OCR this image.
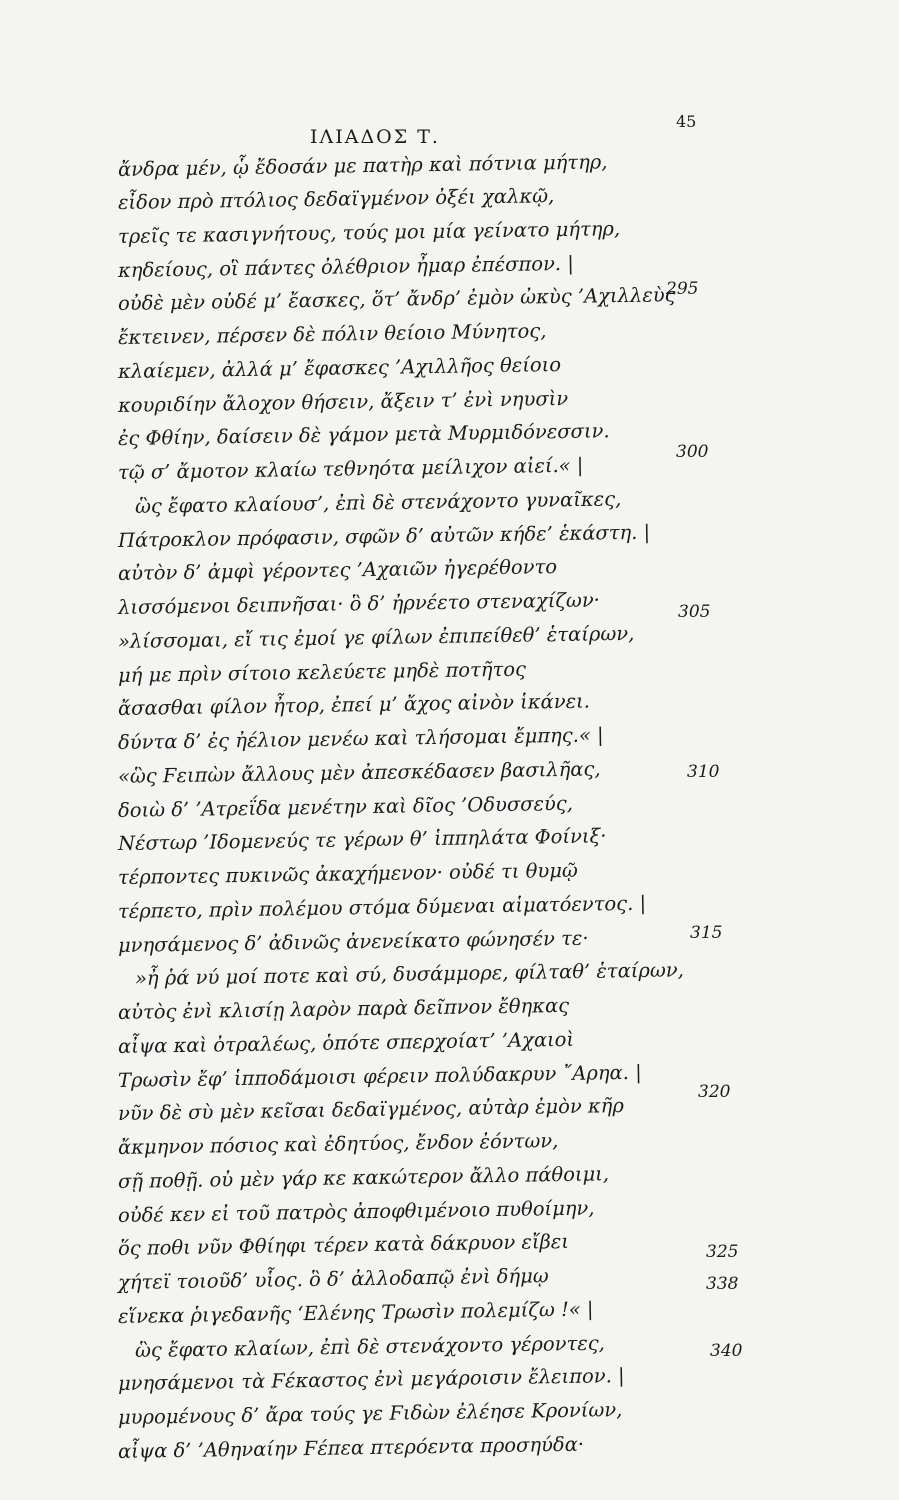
45
ΙΛΙΑΔΟΣ Τ.
ἄνδρα μέν, ᾧ ἔδοσάν με πατὴρ καὶ πότνια μήτηρ,
εἶδον πρὸ πτόλιος δεδαϊγμένον ὀξέι χαλκῷ,
τρεῖς τε κασιγνήτους, τούς μοι μία γείνατο μήτηρ,
κηδείους, οἳ πάντες ὀλέθριον ἦμαρ ἐπέσπον. |
οὐδὲ μὲν οὐδέ μ’ ἔασκες, ὅτ’ ἄνδρ’ ἐμὸν ὠκὺς ’Αχιλλεὺς
ἔκτεινεν, πέρσεν δὲ πόλιν θείοιο Μύνητος,
κλαίεμεν, ἀλλά μ’ ἔφασκες ’Αχιλλῆος θείοιο
κουριδίην ἄλοχον θήσειν, ἄξειν τ’ ἐνὶ νηυσὶν
ἐς Φθίην, δαίσειν δὲ γάμον μετὰ Μυρμιδόνεσσιν.
τῷ σ’ ἄμοτον κλαίω τεθνηότα μείλιχον αἰεί.« |
ὣς ἔφατο κλαίουσ’, ἐπὶ δὲ στενάχοντο γυναῖκες,
Πάτροκλον πρόφασιν, σφῶν δ’ αὐτῶν κήδε’ ἑκάστη. |
αὐτὸν δ’ ἀμφὶ γέροντες ’Αχαιῶν ἠγερέθοντο
λισσόμενοι δειπνῆσαι· ὃ δ’ ἠρνέετο στεναχίζων·
»λίσσομαι, εἴ τις ἐμοί γε φίλων ἐπιπείθεθ’ ἑταίρων,
μή με πρὶν σίτοιο κελεύετε μηδὲ ποτῆτος
ἄσασθαι φίλον ἦτορ, ἐπεί μ’ ἄχος αἰνὸν ἱκάνει.
δύντα δ’ ἐς ἠέλιον μενέω καὶ τλήσομαι ἔμπης.« |
«ὣς Ϝειπὼν ἄλλους μὲν ἀπεσκέδασεν βασιλῆας,
δοιὼ δ’ ’Ατρεΐδα μενέτην καὶ δῖος ’Οδυσσεύς,
Νέστωρ ’Ιδομενεύς τε γέρων θ’ ἱππηλάτα Φοίνιξ·
τέρποντες πυκινῶς ἀκαχήμενον· οὐδέ τι θυμῷ
τέρπετο, πρὶν πολέμου στόμα δύμεναι αἱματόεντος. |
μνησάμενος δ’ ἀδινῶς ἀνενείκατο φώνησέν τε·
»ἦ ῥά νύ μοί ποτε καὶ σύ, δυσάμμορε, φίλταθ’ ἑταίρων,
αὐτὸς ἐνὶ κλισίῃ λαρὸν παρὰ δεῖπνον ἔθηκας
αἶψα καὶ ὀτραλέως, ὁπότε σπερχοίατ’ ’Αχαιοὶ
Τρωσὶν ἔφ’ ἱπποδάμοισι φέρειν πολύδακρυν ῎Αρηα. |
νῦν δὲ σὺ μὲν κεῖσαι δεδαϊγμένος, αὐτὰρ ἐμὸν κῆρ
ἄκμηνον πόσιος καὶ ἐδητύος, ἔνδον ἐόντων,
σῇ ποθῇ. οὐ μὲν γάρ κε κακώτερον ἄλλο πάθοιμι,
οὐδέ κεν εἰ τοῦ πατρὸς ἀποφθιμένοιο πυθοίμην,
ὅς ποθι νῦν Φθίηφι τέρεν κατὰ δάκρυον εἴβει
χήτεϊ τοιοῦδ’ υἷος. ὃ δ’ ἀλλοδαπῷ ἐνὶ δήμῳ
εἵνεκα ῥιγεδανῆς ‘Ελένης Τρωσὶν πολεμίζω !« |
ὣς ἔφατο κλαίων, ἐπὶ δὲ στενάχοντο γέροντες,
μνησάμενοι τὰ Ϝέκαστος ἐνὶ μεγάροισιν ἔλειπον. |
μυρομένους δ’ ἄρα τούς γε Ϝιδὼν ἐλέησε Κρονίων,
αἶψα δ’ ’Αθηναίην Ϝέπεα πτερόεντα προσηύδα·
295
300
305
310
315
320
325
338
340
